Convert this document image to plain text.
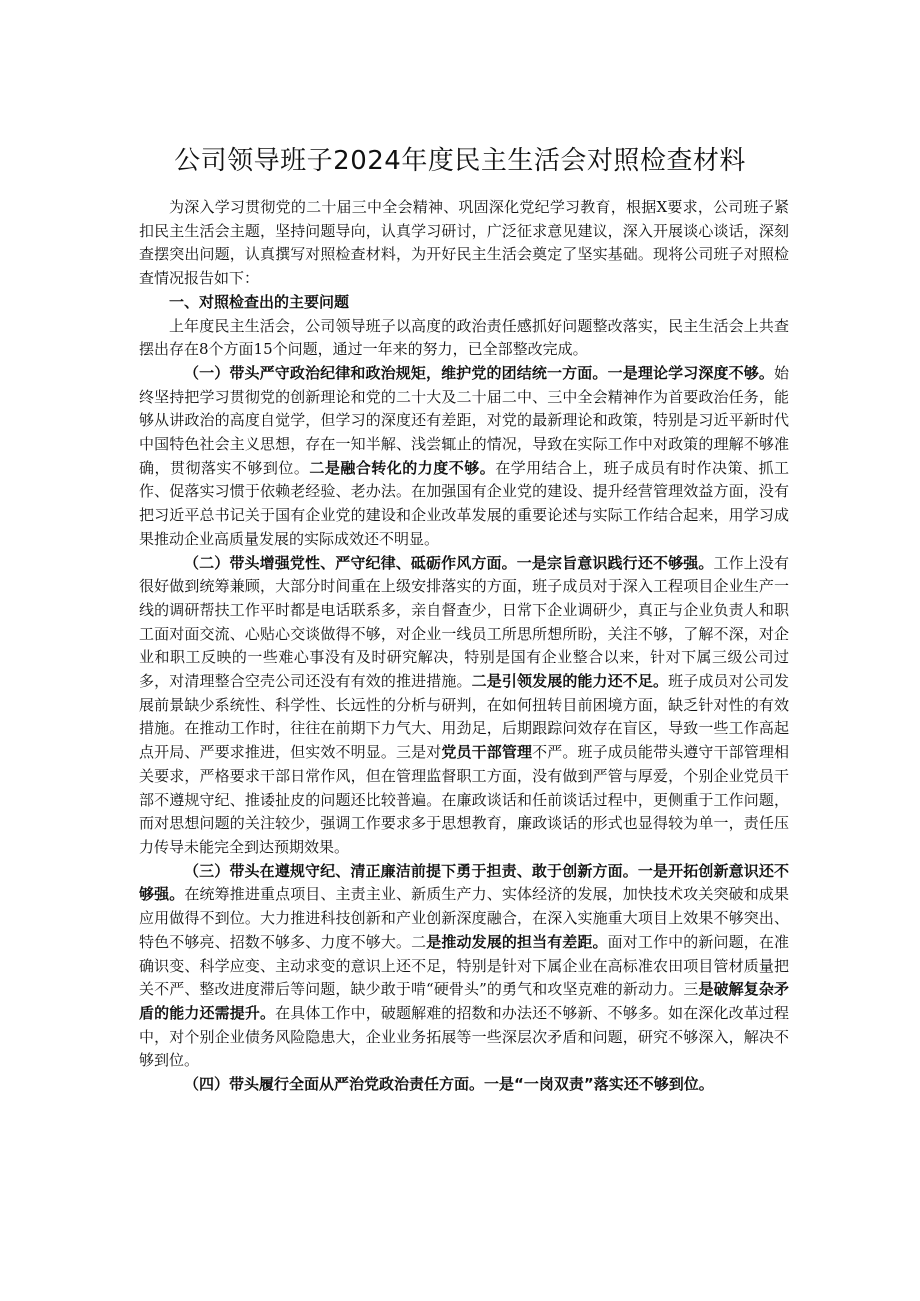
公司领导班子2024年度民主生活会对照检查材料

为深入学习贯彻党的二十届三中全会精神、巩固深化党纪学习教育，根据X要求，公司班子紧扣民主生活会主题，坚持问题导向，认真学习研讨，广泛征求意见建议，深入开展谈心谈话，深刻查摆突出问题，认真撰写对照检查材料，为开好民主生活会奠定了坚实基础。现将公司班子对照检查情况报告如下：

一、对照检查出的主要问题

上年度民主生活会，公司领导班子以高度的政治责任感抓好问题整改落实，民主生活会上共查摆出存在8个方面15个问题，通过一年来的努力，已全部整改完成。

（一）带头严守政治纪律和政治规矩，维护党的团结统一方面。一是理论学习深度不够。始终坚持把学习贯彻党的创新理论和党的二十大及二十届二中、三中全会精神作为首要政治任务，能够从讲政治的高度自觉学，但学习的深度还有差距，对党的最新理论和政策，特别是习近平新时代中国特色社会主义思想，存在一知半解、浅尝辄止的情况，导致在实际工作中对政策的理解不够准确，贯彻落实不够到位。二是融合转化的力度不够。在学用结合上，班子成员有时作决策、抓工作、促落实习惯于依赖老经验、老办法。在加强国有企业党的建设、提升经营管理效益方面，没有把习近平总书记关于国有企业党的建设和企业改革发展的重要论述与实际工作结合起来，用学习成果推动企业高质量发展的实际成效还不明显。

（二）带头增强党性、严守纪律、砥砺作风方面。一是宗旨意识践行还不够强。工作上没有很好做到统筹兼顾，大部分时间重在上级安排落实的方面，班子成员对于深入工程项目企业生产一线的调研帮扶工作平时都是电话联系多，亲自督查少，日常下企业调研少，真正与企业负责人和职工面对面交流、心贴心交谈做得不够，对企业一线员工所思所想所盼，关注不够，了解不深，对企业和职工反映的一些难心事没有及时研究解决，特别是国有企业整合以来，针对下属三级公司过多，对清理整合空壳公司还没有有效的推进措施。二是引领发展的能力还不足。班子成员对公司发展前景缺少系统性、科学性、长远性的分析与研判，在如何扭转目前困境方面，缺乏针对性的有效措施。在推动工作时，往往在前期下力气大、用劲足，后期跟踪问效存在盲区，导致一些工作高起点开局、严要求推进，但实效不明显。三是对党员干部管理不严。班子成员能带头遵守干部管理相关要求，严格要求干部日常作风，但在管理监督职工方面，没有做到严管与厚爱，个别企业党员干部不遵规守纪、推诿扯皮的问题还比较普遍。在廉政谈话和任前谈话过程中，更侧重于工作问题，而对思想问题的关注较少，强调工作要求多于思想教育，廉政谈话的形式也显得较为单一，责任压力传导未能完全到达预期效果。

（三）带头在遵规守纪、清正廉洁前提下勇于担责、敢于创新方面。一是开拓创新意识还不够强。在统筹推进重点项目、主责主业、新质生产力、实体经济的发展，加快技术攻关突破和成果应用做得不到位。大力推进科技创新和产业创新深度融合，在深入实施重大项目上效果不够突出、特色不够亮、招数不够多、力度不够大。二是推动发展的担当有差距。面对工作中的新问题，在准确识变、科学应变、主动求变的意识上还不足，特别是针对下属企业在高标准农田项目管材质量把关不严、整改进度滞后等问题，缺少敢于啃“硬骨头”的勇气和攻坚克难的新动力。三是破解复杂矛盾的能力还需提升。在具体工作中，破题解难的招数和办法还不够新、不够多。如在深化改革过程中，对个别企业债务风险隐患大，企业业务拓展等一些深层次矛盾和问题，研究不够深入，解决不够到位。

（四）带头履行全面从严治党政治责任方面。一是“一岗双责”落实还不够到位。
